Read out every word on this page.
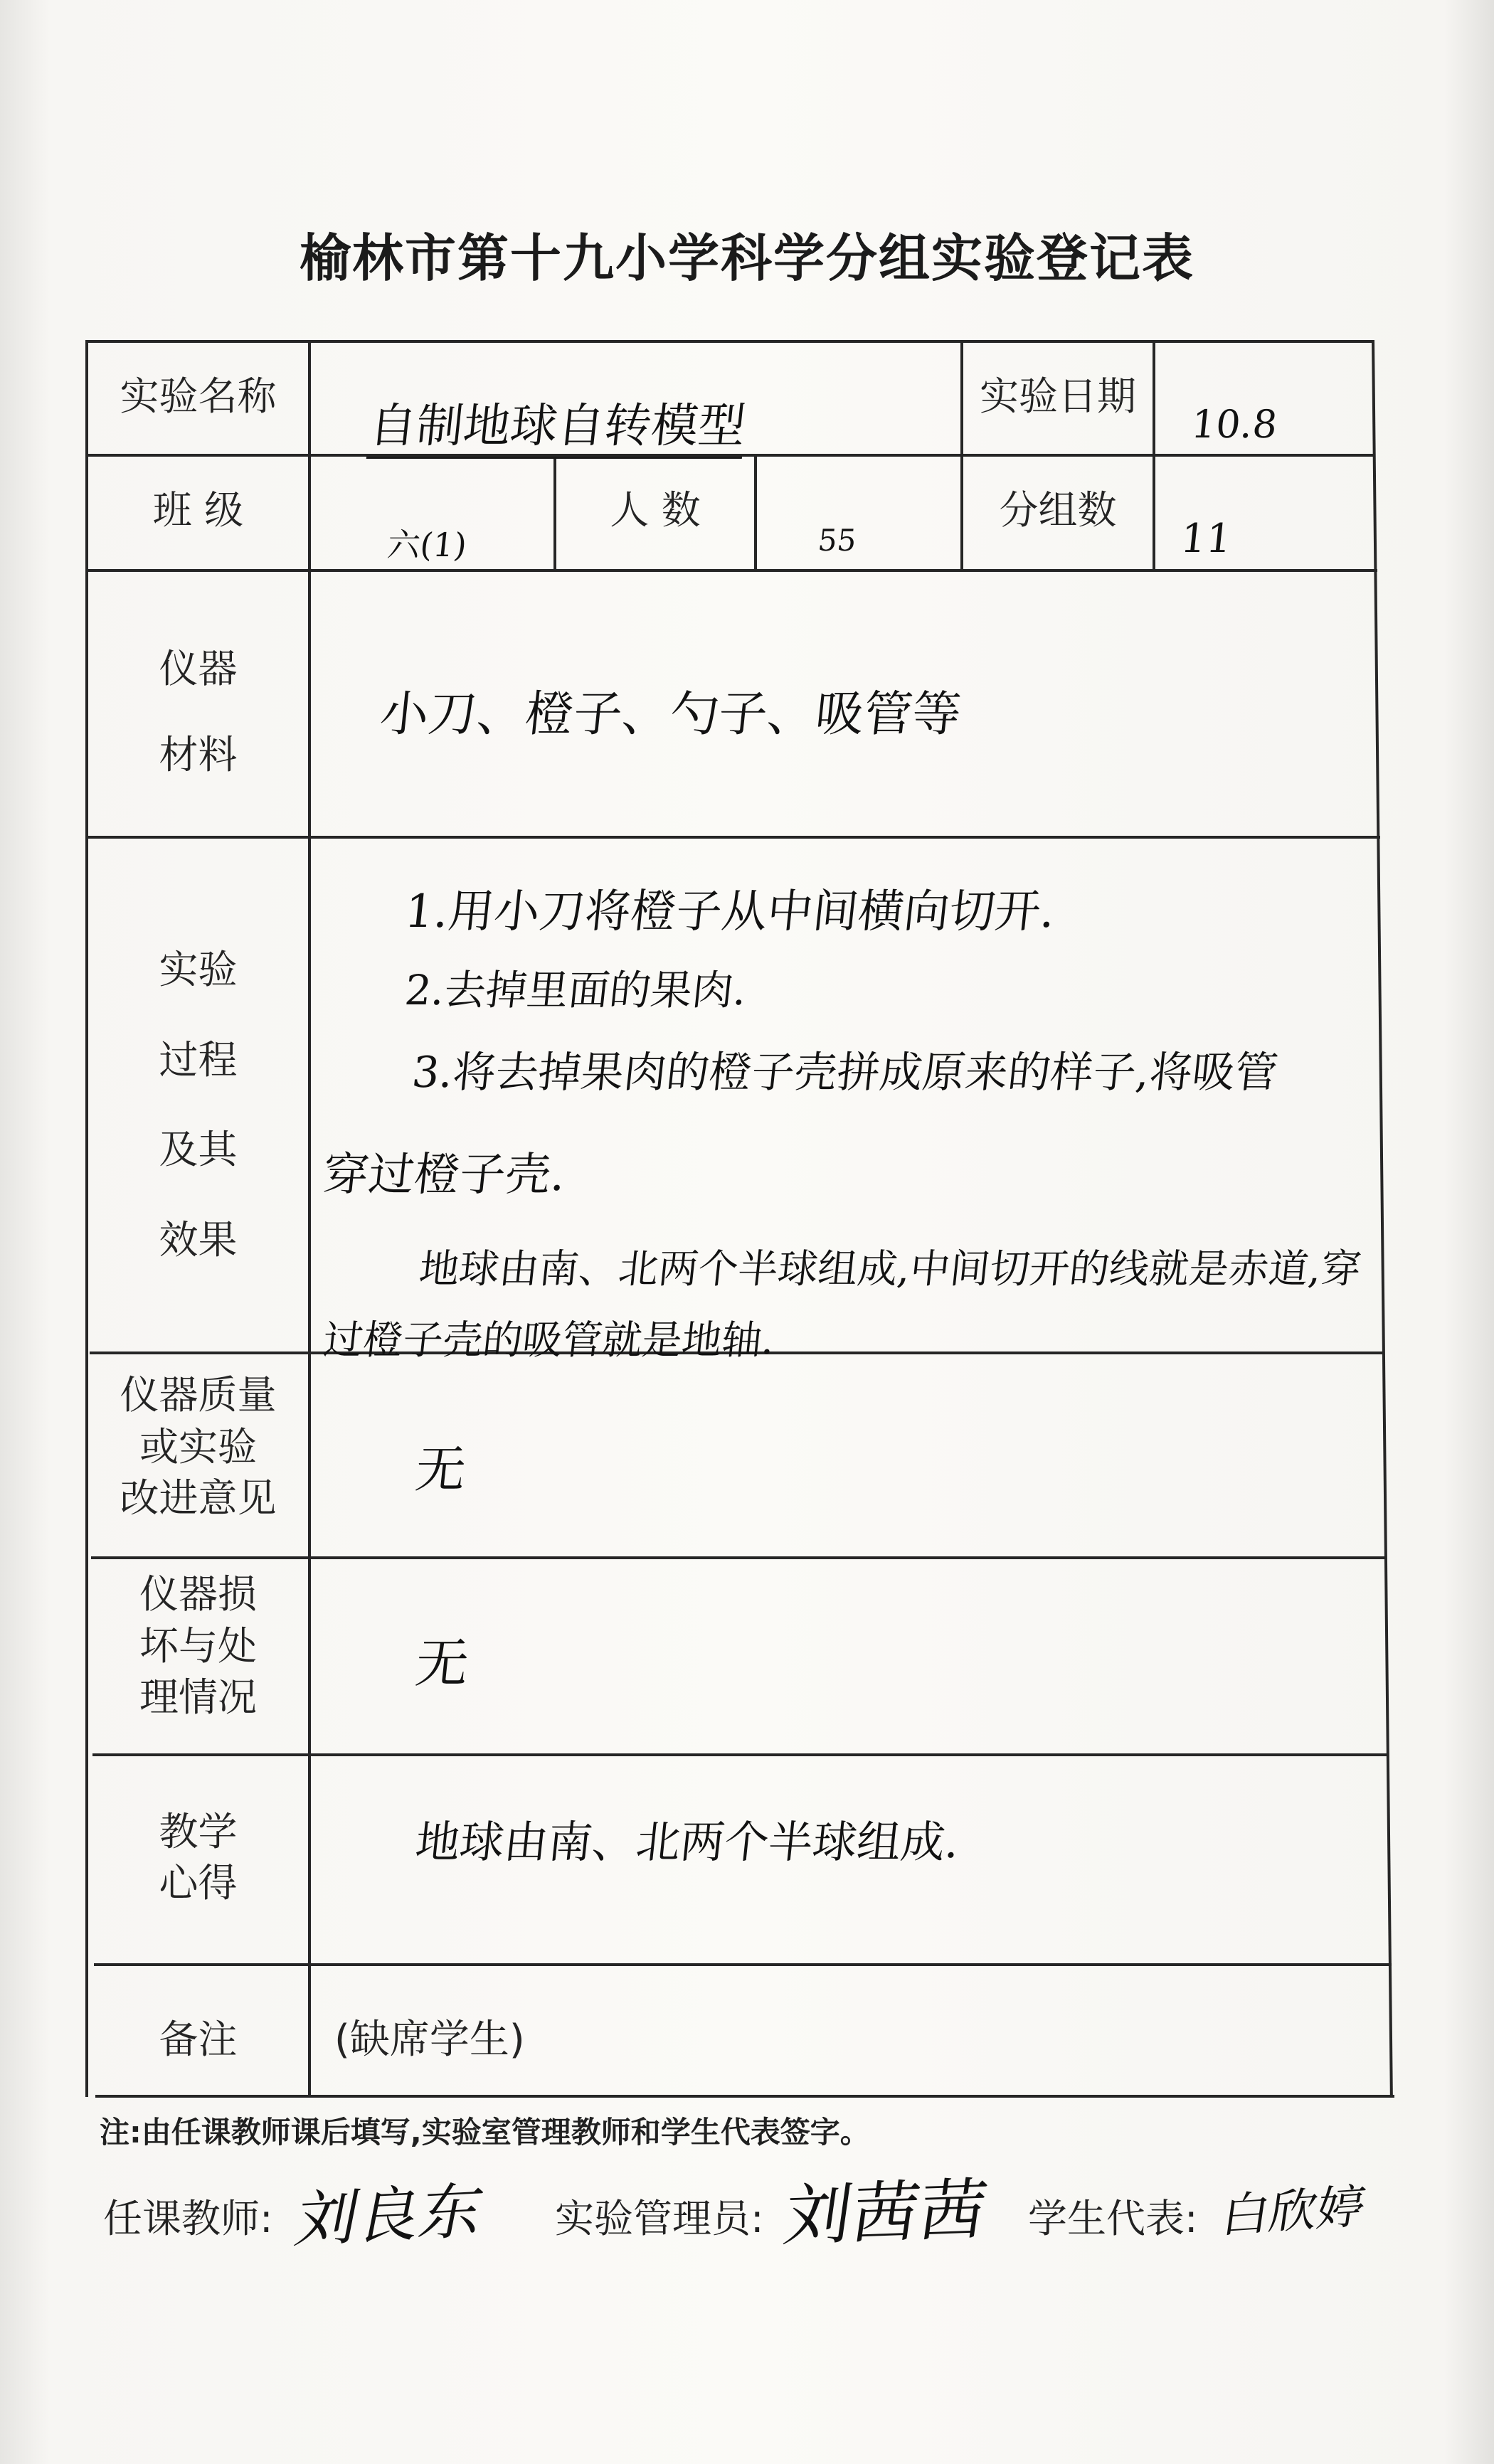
榆林市第十九小学科学分组实验登记表
实验名称
自制地球自转模型
实验日期
10.8
班 级
六(1)
人 数
55
分组数
11
仪器
材料
小刀、橙子、勺子、吸管等
实验
过程
及其
效果
1.用小刀将橙子从中间横向切开.
2.去掉里面的果肉.
3.将去掉果肉的橙子壳拼成原来的样子,将吸管
穿过橙子壳.
地球由南、北两个半球组成,中间切开的线就是赤道,穿
过橙子壳的吸管就是地轴.
仪器质量
或实验
改进意见	无
仪器损
坏与处
理情况
无
教学
心得
地球由南、北两个半球组成.
备注	(缺席学生)
注:由任课教师课后填写,实验室管理教师和学生代表签字。
任课教师: 刘良东 实验管理员: 刘茜茜 学生代表: 白欣婷
